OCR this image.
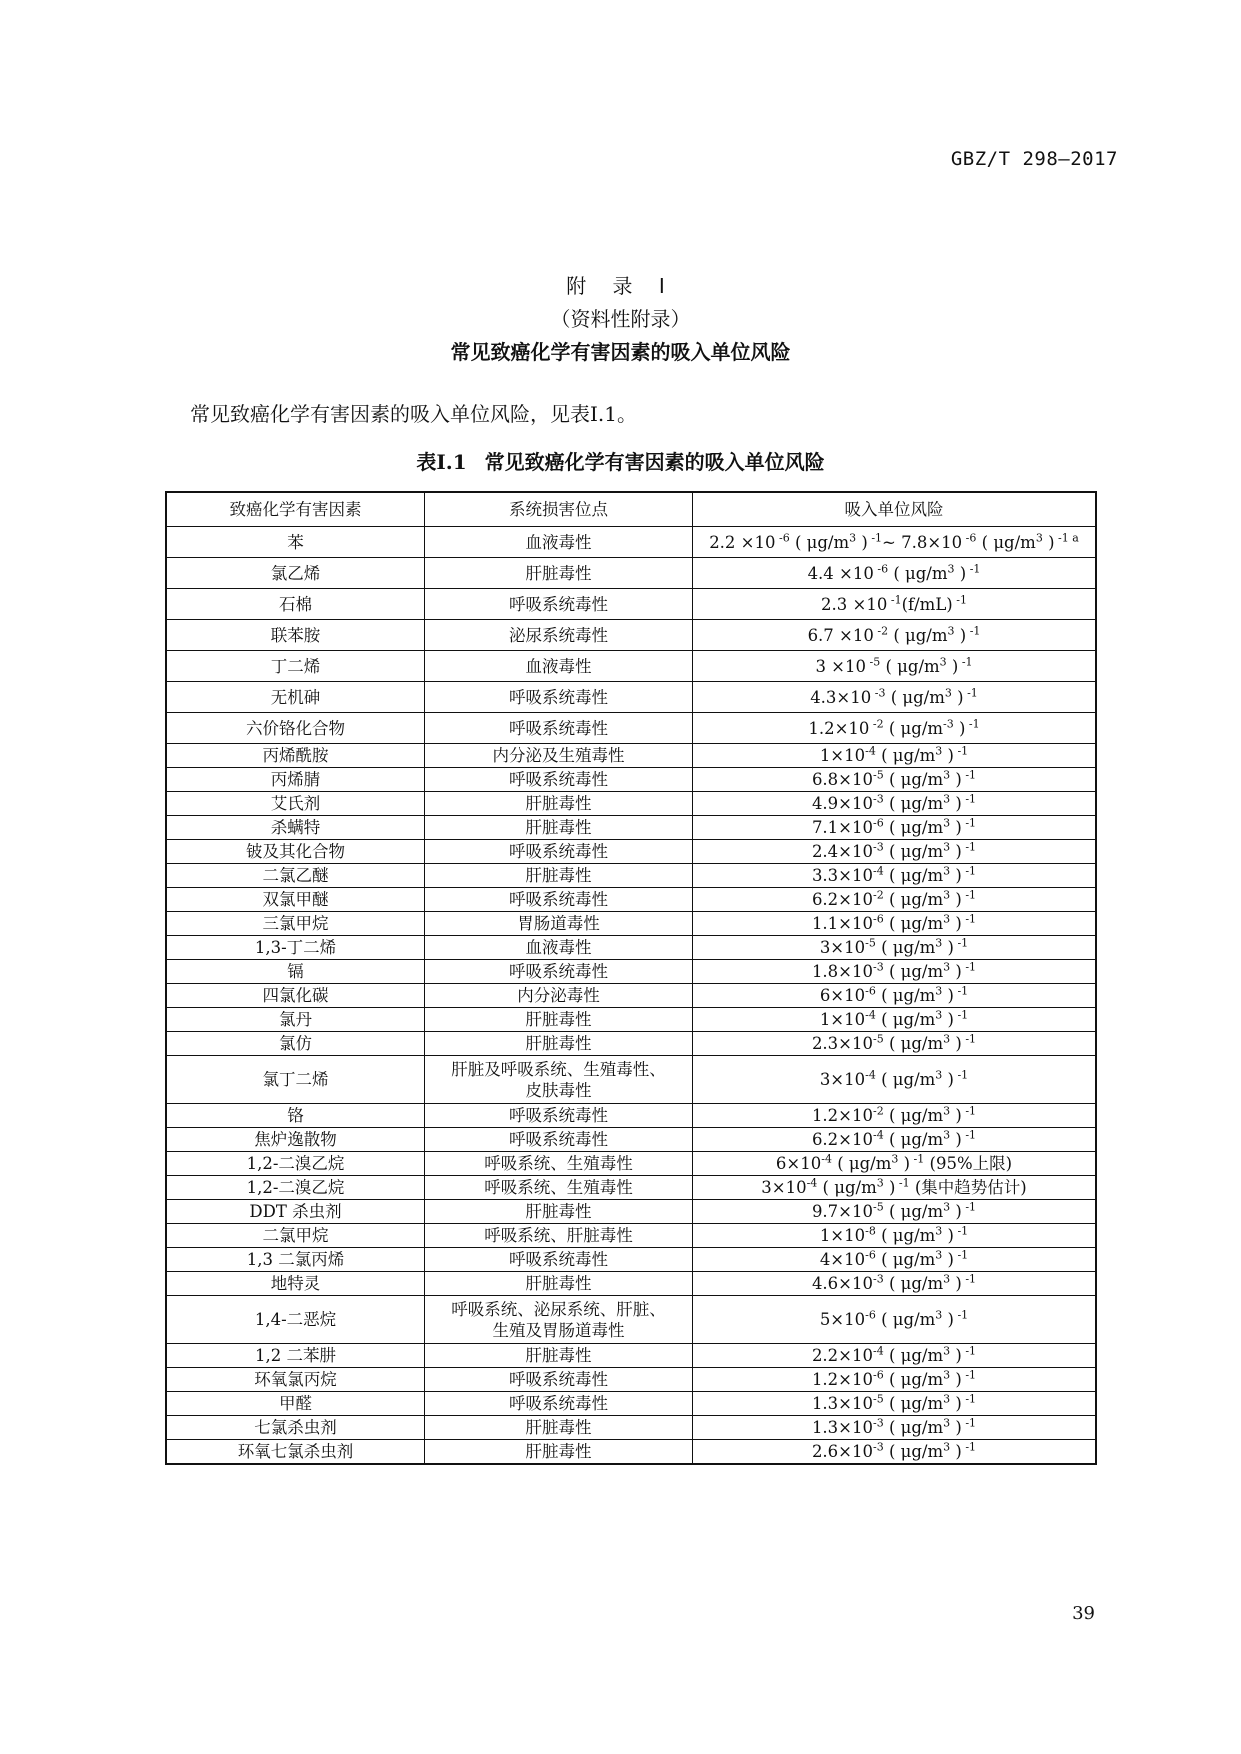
GBZ/T 298—2017
附 录 I
（资料性附录）
常见致癌化学有害因素的吸入单位风险
常见致癌化学有害因素的吸入单位风险，见表I.1。
表I.1 常见致癌化学有害因素的吸入单位风险
致癌化学有害因素	系统损害位点	吸入单位风险
苯	血液毒性	2.2 ×10 $^{-6}$ ( $\mu g/m^3$ ) $^{-1}$~ 7.8×10 $^{-6}$ ( $\mu g/m^3$ ) $^{-1 a}$
氯乙烯	肝脏毒性	4.4 ×10 $^{-6}$ ( $\mu g/m^3$ ) $^{-1}$
石棉	呼吸系统毒性	2.3 ×10 $^{-1}$(f/mL) $^{-1}$
联苯胺	泌尿系统毒性	6.7 ×10 $^{-2}$ ( $\mu g/m^3$ ) $^{-1}$
丁二烯	血液毒性	3 ×10 $^{-5}$ ( $\mu g/m^3$ ) $^{-1}$
无机砷	呼吸系统毒性	4.3×10 $^{-3}$ ( $\mu g/m^3$ ) $^{-1}$
六价铬化合物	呼吸系统毒性	1.2×10 $^{-2}$ ( $\mu g/m^{-3}$ ) $^{-1}$
丙烯酰胺	内分泌及生殖毒性	$1\times 10^{-4}$ ( $\mu g/m^3$ ) $^{-1}$
丙烯腈	呼吸系统毒性	$6.8\times 10^{-5}$ ( $\mu g/m^3$ ) $^{-1}$
艾氏剂	肝脏毒性	$4.9\times 10^{-3}$ ( $\mu g/m^3$ ) $^{-1}$
杀螨特	肝脏毒性	$7.1\times 10^{-6}$ ( $\mu g/m^3$ ) $^{-1}$
铍及其化合物	呼吸系统毒性	$2.4\times 10^{-3}$ ( $\mu g/m^3$ ) $^{-1}$
二氯乙醚	肝脏毒性	$3.3\times 10^{-4}$ ( $\mu g/m^3$ ) $^{-1}$
双氯甲醚	呼吸系统毒性	$6.2\times 10^{-2}$ ( $\mu g/m^3$ ) $^{-1}$
三氯甲烷	胃肠道毒性	$1.1\times 10^{-6}$ ( $\mu g/m^3$ ) $^{-1}$
1,3-丁二烯	血液毒性	$3\times 10^{-5}$ ( $\mu g/m^3$ ) $^{-1}$
镉	呼吸系统毒性	$1.8\times 10^{-3}$ ( $\mu g/m^3$ ) $^{-1}$
四氯化碳	内分泌毒性	$6\times 10^{-6}$ ( $\mu g/m^3$ ) $^{-1}$
氯丹	肝脏毒性	$1\times 10^{-4}$ ( $\mu g/m^3$ ) $^{-1}$
氯仿	肝脏毒性	$2.3\times 10^{-5}$ ( $\mu g/m^3$ ) $^{-1}$
氯丁二烯	肝脏及呼吸系统、生殖毒性、
皮肤毒性	$3\times 10^{-4}$ ( $\mu g/m^3$ ) $^{-1}$
铬	呼吸系统毒性	$1.2\times 10^{-2}$ ( $\mu g/m^3$ ) $^{-1}$
焦炉逸散物	呼吸系统毒性	$6.2\times 10^{-4}$ ( $\mu g/m^3$ ) $^{-1}$
1,2-二溴乙烷	呼吸系统、生殖毒性	$6\times 10^{-4}$ ( $\mu g/m^3$ ) $^{-1}$ (95%上限)
1,2-二溴乙烷	呼吸系统、生殖毒性	$3\times 10^{-4}$ ( $\mu g/m^3$ ) $^{-1}$ (集中趋势估计)
DDT 杀虫剂	肝脏毒性	$9.7\times 10^{-5}$ ( $\mu g/m^3$ ) $^{-1}$
二氯甲烷	呼吸系统、肝脏毒性	$1\times 10^{-8}$ ( $\mu g/m^3$ ) $^{-1}$
1,3 二氯丙烯	呼吸系统毒性	$4\times 10^{-6}$ ( $\mu g/m^3$ ) $^{-1}$
地特灵	肝脏毒性	$4.6\times 10^{-3}$ ( $\mu g/m^3$ ) $^{-1}$
1,4-二恶烷	呼吸系统、泌尿系统、肝脏、
生殖及胃肠道毒性	$5\times 10^{-6}$ ( $\mu g/m^3$ ) $^{-1}$
1,2 二苯肼	肝脏毒性	$2.2\times 10^{-4}$ ( $\mu g/m^3$ ) $^{-1}$
环氧氯丙烷	呼吸系统毒性	$1.2\times 10^{-6}$ ( $\mu g/m^3$ ) $^{-1}$
甲醛	呼吸系统毒性	$1.3\times 10^{-5}$ ( $\mu g/m^3$ ) $^{-1}$
七氯杀虫剂	肝脏毒性	$1.3\times 10^{-3}$ ( $\mu g/m^3$ ) $^{-1}$
环氧七氯杀虫剂	肝脏毒性	$2.6\times 10^{-3}$ ( $\mu g/m^3$ ) $^{-1}$
39
